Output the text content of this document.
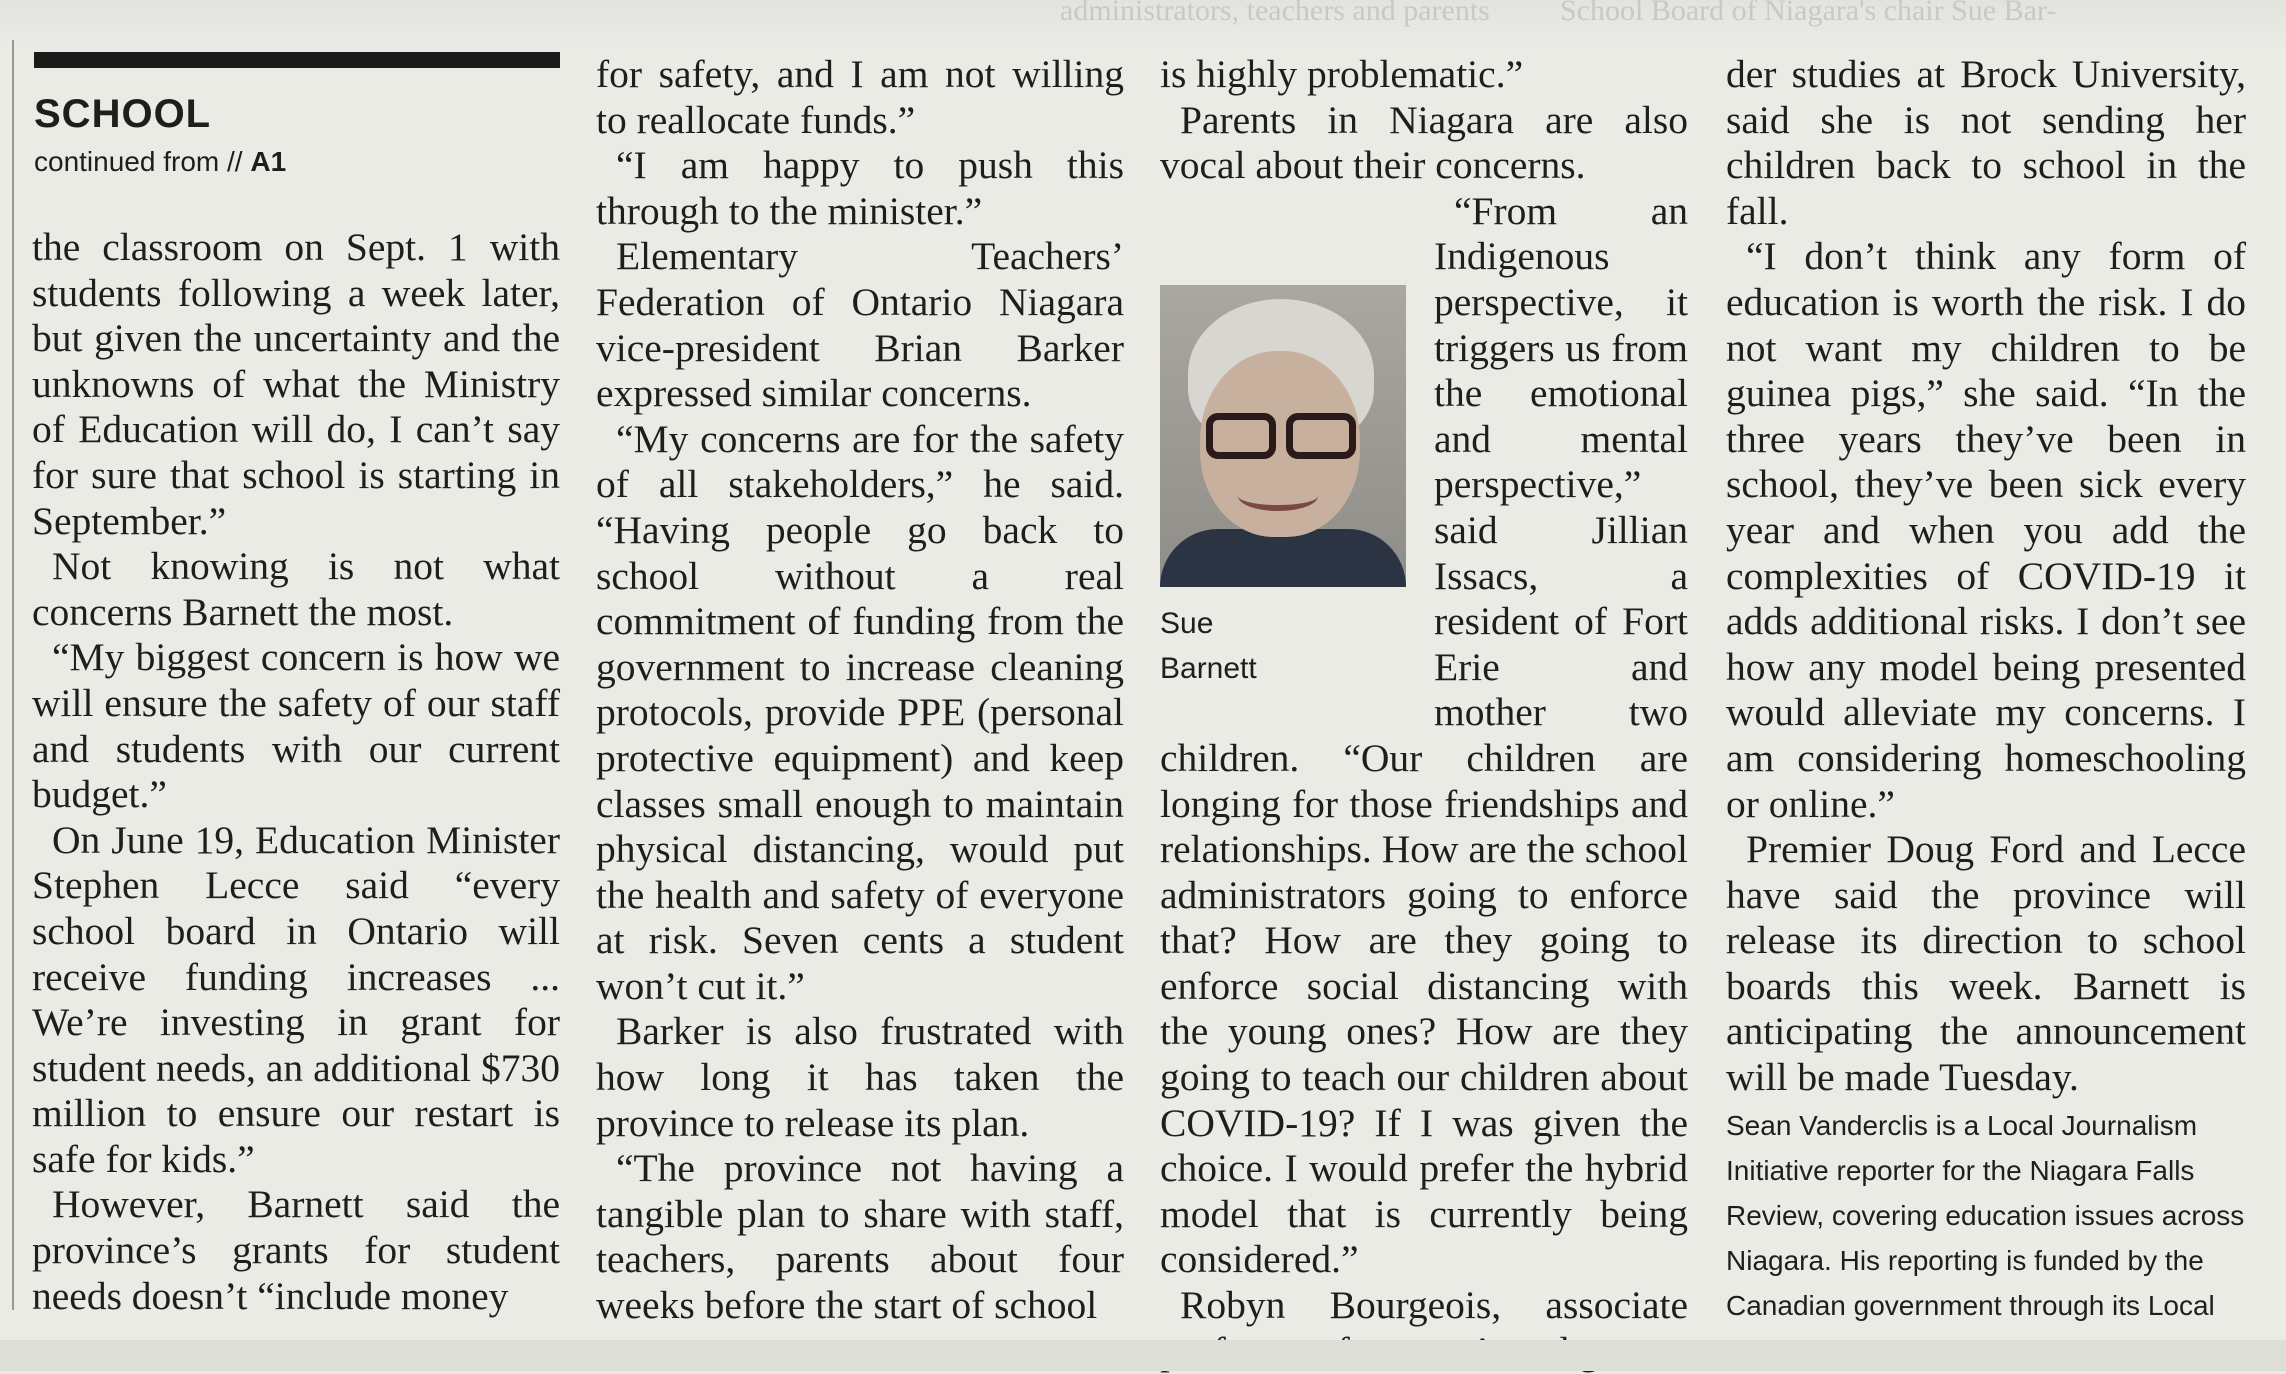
administrators, teachers and parents School Board of Niagara's chair Sue Bar-
SCHOOL
continued from // A1

the classroom on Sept. 1 with students following a week later, but given the uncertainty and the unknowns of what the Ministry of Education will do, I can’t say for sure that school is starting in September.”

Not knowing is not what concerns Barnett the most.

“My biggest concern is how we will ensure the safety of our staff and students with our current budget.”

On June 19, Education Minister Stephen Lecce said “every school board in Ontario will receive funding increases ... We’re investing in grant for student needs, an additional $730 million to ensure our restart is safe for kids.”

However, Barnett said the province’s grants for student needs doesn’t “include money

for safety, and I am not willing to reallocate funds.”

“I am happy to push this through to the minister.”

Elementary Teachers’ Federation of Ontario Niagara vice-president Brian Barker expressed similar concerns.

“My concerns are for the safety of all stakeholders,” he said. “Having people go back to school without a real commitment of funding from the government to increase cleaning protocols, provide PPE (personal protective equipment) and keep classes small enough to maintain physical distancing, would put the health and safety of everyone at risk. Seven cents a student won’t cut it.”

Barker is also frustrated with how long it has taken the province to release its plan.

“The province not having a tangible plan to share with staff, teachers, parents about four weeks before the start of school

is highly problematic.”

Parents in Niagara are also vocal about their concerns.

Sue
Barnett

“From an Indigenous perspective, it triggers us from the emotional and mental perspective,” said Jillian Issacs, a resident of Fort Erie and mother two children. “Our children are longing for those friendships and relationships. How are the school administrators going to enforce that? How are they going to enforce social distancing with the young ones? How are they going to teach our children about COVID-19? If I was given the choice. I would prefer the hybrid model that is currently being considered.”

Robyn Bourgeois, associate

der studies at Brock University, said she is not sending her children back to school in the fall.

“I don’t think any form of education is worth the risk. I do not want my children to be guinea pigs,” she said. “In the three years they’ve been in school, they’ve been sick every year and when you add the complexities of COVID-19 it adds additional risks. I don’t see how any model being presented would alleviate my concerns. I am considering homeschooling or online.”

Premier Doug Ford and Lecce have said the province will release its direction to school boards this week. Barnett is anticipating the announcement will be made Tuesday.

Sean Vanderclis is a Local Journalism Initiative reporter for the Niagara Falls Review, covering education issues across Niagara. His reporting is funded by the Canadian government through its Local
